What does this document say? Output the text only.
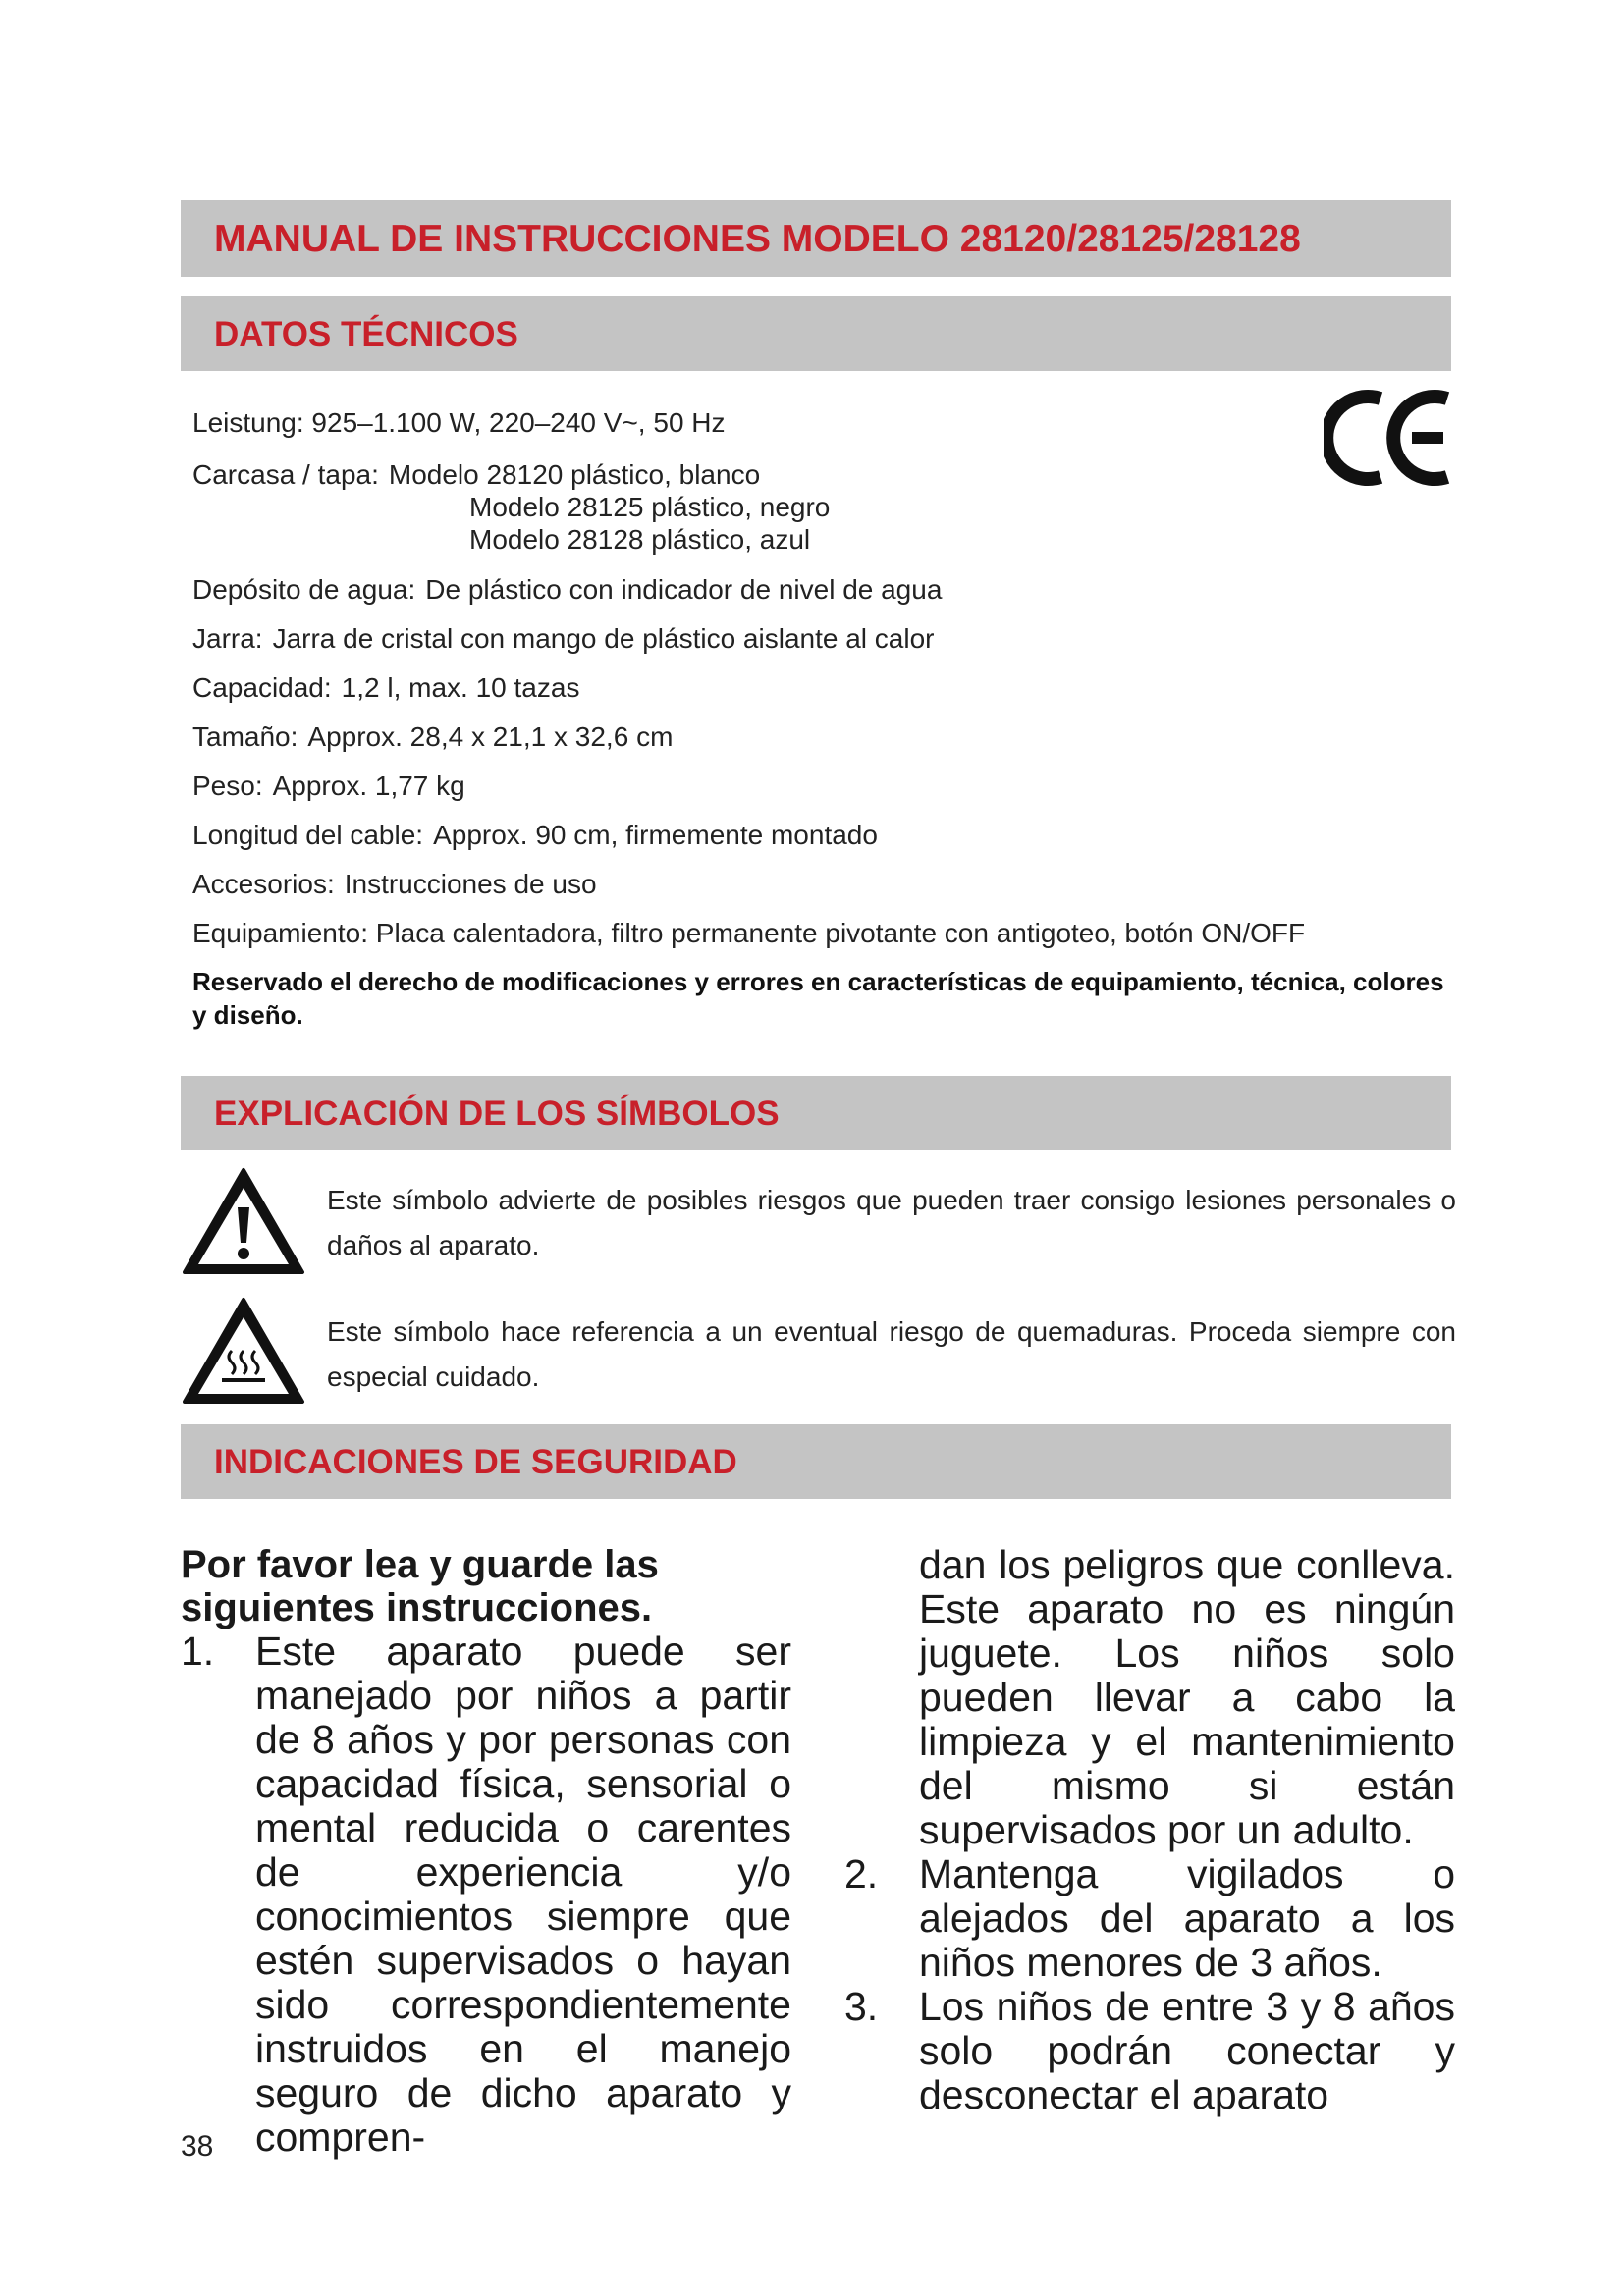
MANUAL DE INSTRUCCIONES MODELO 28120/28125/28128
DATOS TÉCNICOS
Leistung: 925–1.100 W, 220–240 V~, 50 Hz
Carcasa / tapa: Modelo 28120 plástico, blanco
Modelo 28125 plástico, negro
Modelo 28128 plástico, azul
Depósito de agua: De plástico con indicador de nivel de agua
Jarra: Jarra de cristal con mango de plástico aislante al calor
Capacidad: 1,2 l, max. 10 tazas
Tamaño: Approx. 28,4 x 21,1 x 32,6 cm
Peso: Approx. 1,77 kg
Longitud del cable: Approx. 90 cm, firmemente montado
Accesorios: Instrucciones de uso
Equipamiento: Placa calentadora, filtro permanente pivotante con antigoteo, botón ON/OFF
Reservado el derecho de modificaciones y errores en características de equipamiento, técnica, colores y diseño.
EXPLICACIÓN DE LOS SÍMBOLOS
Este símbolo advierte de posibles riesgos que pueden traer consigo lesiones personales o daños al aparato.
Este símbolo hace referencia a un eventual riesgo de quemaduras. Proceda siempre con especial cuidado.
INDICACIONES DE SEGURIDAD

Por favor lea y guarde las siguientes instrucciones.

1. Este aparato puede ser manejado por niños a partir de 8 años y por personas con capacidad física, sensorial o mental reducida o carentes de experiencia y/o conocimientos siempre que estén supervisados o hayan sido correspondientemente instruidos en el manejo seguro de dicho aparato y compren-
dan los peligros que conlleva. Este aparato no es ningún juguete. Los niños solo pueden llevar a cabo la limpieza y el mantenimiento del mismo si están supervisados por un adulto.
2. Mantenga vigilados o alejados del aparato a los niños menores de 3 años.
3. Los niños de entre 3 y 8 años solo podrán conectar y desconectar el aparato
38
